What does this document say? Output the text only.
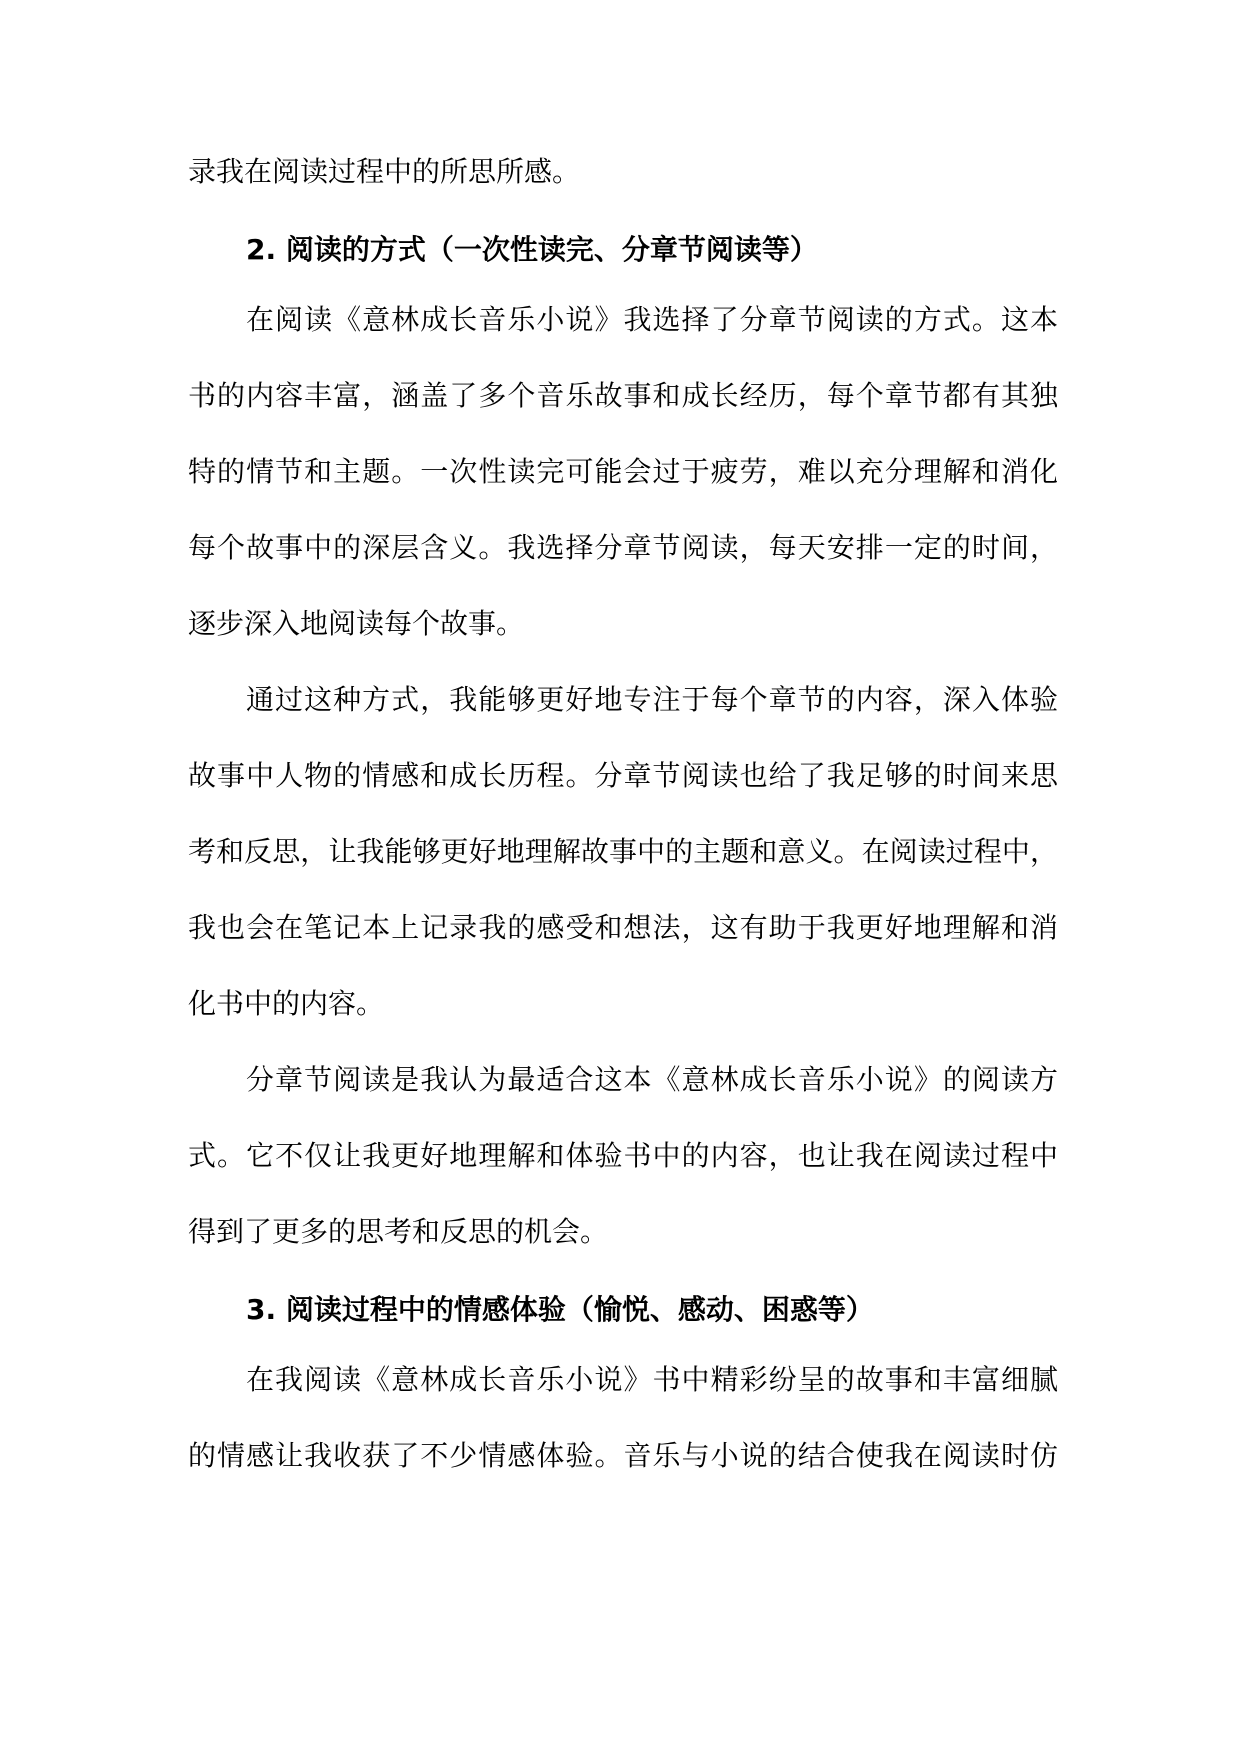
录我在阅读过程中的所思所感。

2. 阅读的方式（一次性读完、分章节阅读等）

在阅读《意林成长音乐小说》我选择了分章节阅读的方式。这本

书的内容丰富，涵盖了多个音乐故事和成长经历，每个章节都有其独

特的情节和主题。一次性读完可能会过于疲劳，难以充分理解和消化

每个故事中的深层含义。我选择分章节阅读，每天安排一定的时间，

逐步深入地阅读每个故事。

通过这种方式，我能够更好地专注于每个章节的内容，深入体验

故事中人物的情感和成长历程。分章节阅读也给了我足够的时间来思

考和反思，让我能够更好地理解故事中的主题和意义。在阅读过程中，

我也会在笔记本上记录我的感受和想法，这有助于我更好地理解和消

化书中的内容。

分章节阅读是我认为最适合这本《意林成长音乐小说》的阅读方

式。它不仅让我更好地理解和体验书中的内容，也让我在阅读过程中

得到了更多的思考和反思的机会。

3. 阅读过程中的情感体验（愉悦、感动、困惑等）

在我阅读《意林成长音乐小说》书中精彩纷呈的故事和丰富细腻

的情感让我收获了不少情感体验。音乐与小说的结合使我在阅读时仿
